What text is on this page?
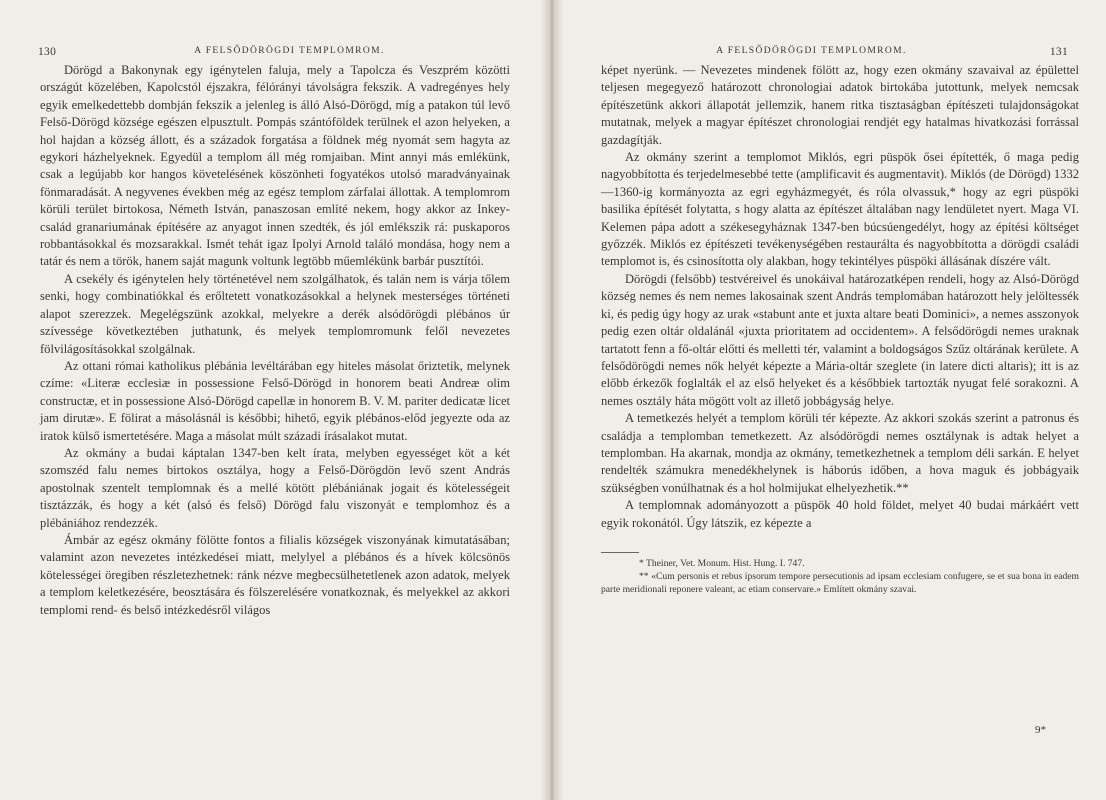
130	A FELSŐDÖRÖGDI TEMPLOMROM.

Dörögd a Bakonynak egy igénytelen faluja, mely a Tapolcza és Veszprém közötti országút közelében, Kapolcstól éjszakra, félórányi távolságra fekszik. A vadregényes hely egyik emelkedettebb dombján fekszik a jelenleg is álló Alsó-Dörögd, míg a patakon túl levő Felső-Dörögd községe egészen elpusztult. Pompás szántóföldek terülnek el azon helyeken, a hol hajdan a község állott, és a századok forgatása a földnek még nyomát sem hagyta az egykori házhelyeknek. Egyedül a templom áll még romjaiban. Mint annyi más emlékünk, csak a legújabb kor hangos követelésének köszönheti fogyatékos utolsó maradványainak fönmaradását. A negyvenes években még az egész templom zárfalai állottak. A templomrom körüli terület birtokosa, Németh István, panaszosan említé nekem, hogy akkor az Inkey-család granariumának építésére az anyagot innen szedték, és jól emlékszik rá: puskaporos robbantásokkal és mozsarakkal. Ismét tehát igaz Ipolyi Arnold találó mondása, hogy nem a tatár és nem a török, hanem saját magunk voltunk legtöbb műemlékünk barbár pusztítói.

A csekély és igénytelen hely történetével nem szolgálhatok, és talán nem is várja tőlem senki, hogy combinatiókkal és erőltetett vonatkozásokkal a helynek mesterséges történeti alapot szerezzek. Megelégszünk azokkal, melyekre a derék alsódörögdi plébános úr szívessége következtében juthatunk, és melyek templomromunk felől nevezetes fölvilágosításokkal szolgálnak.

Az ottani római katholikus plébánia levéltárában egy hiteles másolat őriztetik, melynek czíme: «Literæ ecclesiæ in possessione Felső-Dörögd in honorem beati Andreæ olim constructæ, et in possessione Alsó-Dörögd capellæ in honorem B. V. M. pariter dedicatæ licet jam dirutæ». E fölirat a másolásnál is későbbi; hihető, egyik plébános-előd jegyezte oda az iratok külső ismertetésére. Maga a másolat múlt századi írásalakot mutat.

Az okmány a budai káptalan 1347-ben kelt írata, melyben egyességet köt a két szomszéd falu nemes birtokos osztálya, hogy a Felső-Dörögdön levő szent András apostolnak szentelt templomnak és a mellé kötött plébániának jogait és kötelességeit tisztázzák, és hogy a két (alsó és felső) Dörögd falu viszonyát e templomhoz és a plébániához rendezzék.

Ámbár az egész okmány fölötte fontos a filialis községek viszonyának kimutatásában; valamint azon nevezetes intézkedései miatt, melylyel a plébános és a hívek kölcsönös kötelességei öregiben részletezhetnek: ránk nézve megbecsülhetetlenek azon adatok, melyek a templom keletkezésére, beosztására és fölszerelésére vonatkoznak, és melyekkel az akkori templomi rend- és belső intézkedésről világos

A FELSŐDÖRÖGDI TEMPLOMROM.	131

képet nyerünk. — Nevezetes mindenek fölött az, hogy ezen okmány szavaival az épülettel teljesen megegyező határozott chronologiai adatok birtokába jutottunk, melyek nemcsak építészetünk akkori állapotát jellemzik, hanem ritka tisztaságban építészeti tulajdonságokat mutatnak, melyek a magyar építészet chronologiai rendjét egy hatalmas hivatkozási forrással gazdagítják.

Az okmány szerint a templomot Miklós, egri püspök ősei építették, ő maga pedig nagyobbította és terjedelmesebbé tette (amplificavit és augmentavit). Miklós (de Dörögd) 1332—1360-ig kormányozta az egri egyházmegyét, és róla olvassuk,* hogy az egri püspöki basilika építését folytatta, s hogy alatta az építészet általában nagy lendületet nyert. Maga VI. Kelemen pápa adott a székesegyháznak 1347-ben búcsúengedélyt, hogy az építési költséget győzzék. Miklós ez építészeti tevékenységében restaurálta és nagyobbította a dörögdi családi templomot is, és csinosította oly alakban, hogy tekintélyes püspöki állásának díszére vált.

Dörögdi (felsőbb) testvéreivel és unokáival határozatképen rendeli, hogy az Alsó-Dörögd község nemes és nem nemes lakosainak szent András templomában határozott hely jelöltessék ki, és pedig úgy hogy az urak «stabunt ante et juxta altare beati Dominici», a nemes asszonyok pedig ezen oltár oldalánál «juxta prioritatem ad occidentem». A felsődörögdi nemes uraknak tartatott fenn a fő-oltár előtti és melletti tér, valamint a boldogságos Szűz oltárának kerülete. A felsődörögdi nemes nők helyét képezte a Mária-oltár szeglete (in latere dicti altaris); itt is az előbb érkezők foglalták el az első helyeket és a későbbiek tartozták nyugat felé sorakozni. A nemes osztály háta mögött volt az illető jobbágyság helye.

A temetkezés helyét a templom körüli tér képezte. Az akkori szokás szerint a patronus és családja a templomban temetkezett. Az alsódörögdi nemes osztálynak is adtak helyet a templomban. Ha akarnak, mondja az okmány, temetkezhetnek a templom déli sarkán. E helyet rendelték számukra menedékhelynek is háborús időben, a hova maguk és jobbágyaik szükségben vonúlhatnak és a hol holmijukat elhelyezhetik.**

A templomnak adományozott a püspök 40 hold földet, melyet 40 budai márkáért vett egyik rokonától. Úgy látszik, ez képezte a

* Theiner, Vet. Monum. Hist. Hung. I. 747.
** «Cum personis et rebus ipsorum tempore persecutionis ad ipsam ecclesiam confugere, se et sua bona in eadem parte meridionali reponere valeant, ac etiam conservare.» Említett okmány szavai.
9*
